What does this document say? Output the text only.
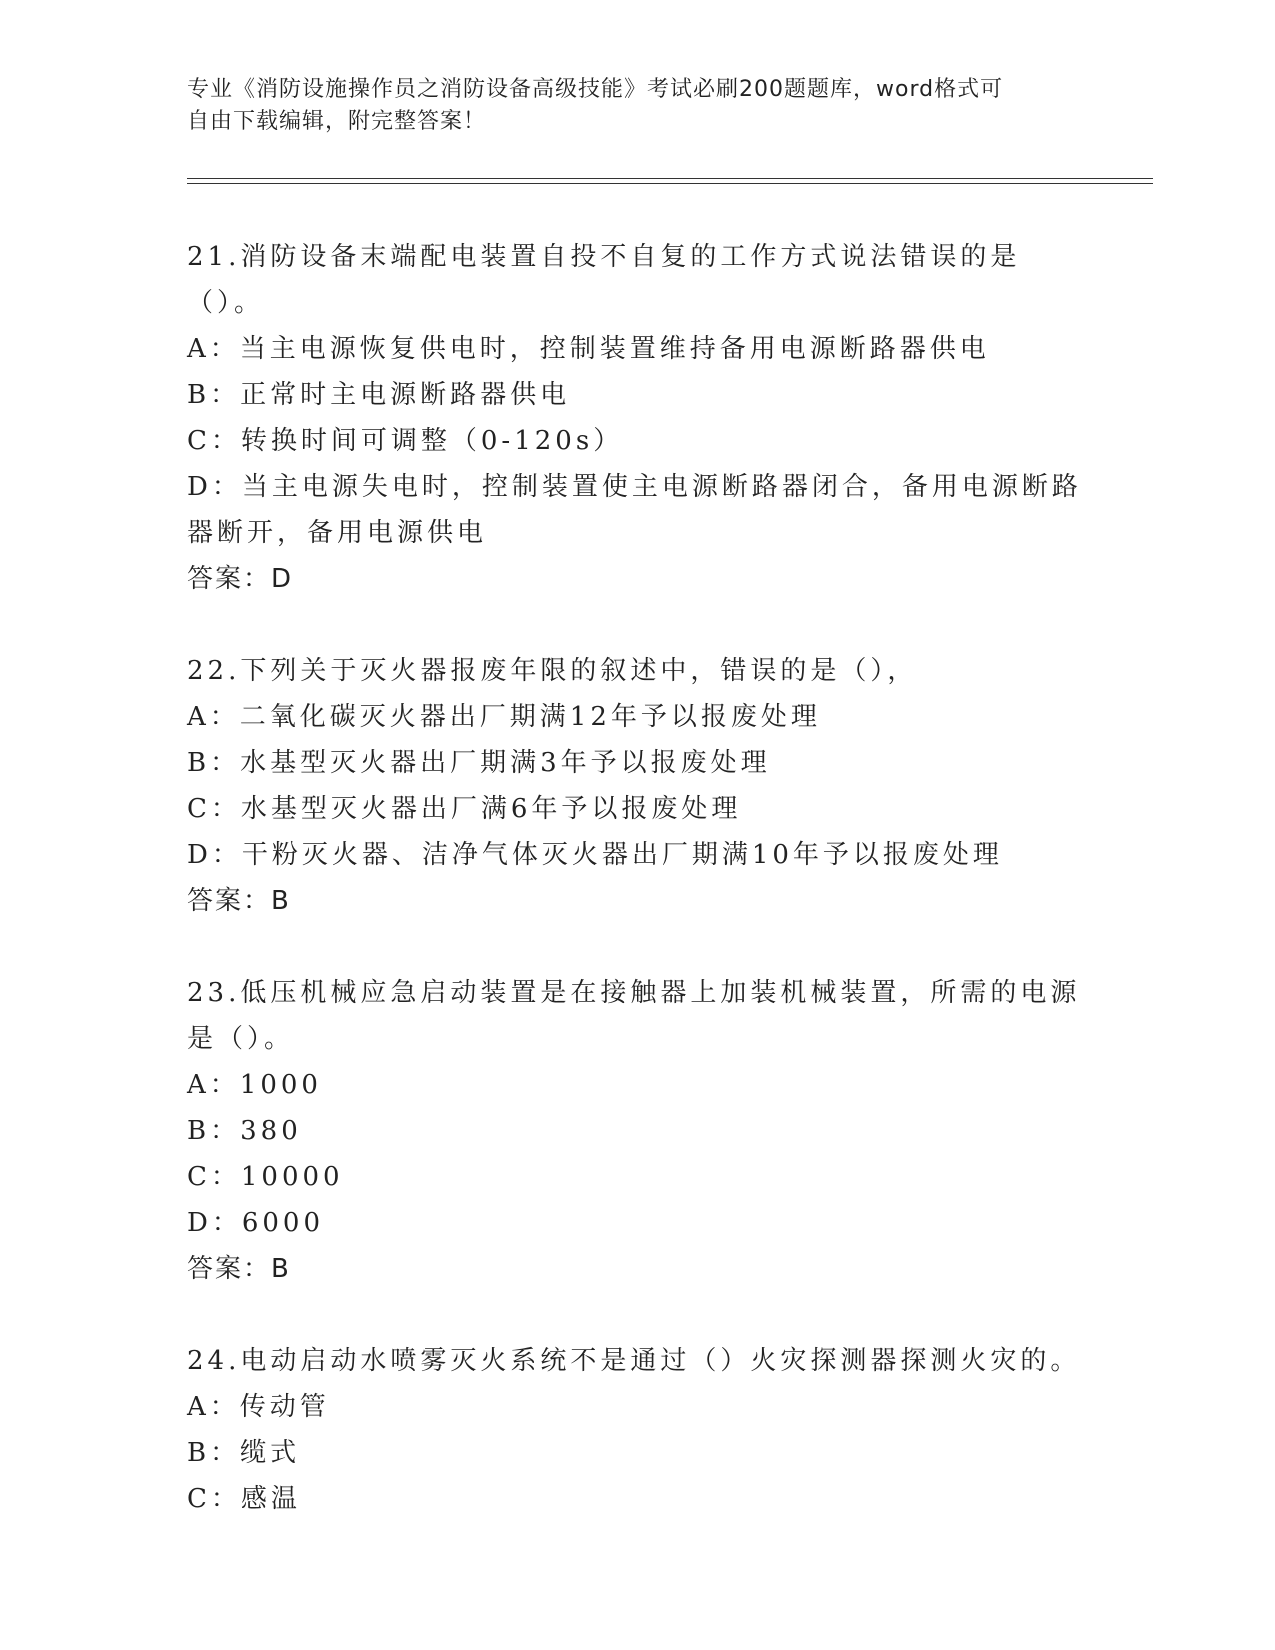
专业《消防设施操作员之消防设备高级技能》考试必刷200题题库，word格式可
自由下载编辑，附完整答案！
21.消防设备末端配电装置自投不自复的工作方式说法错误的是（）。
A：当主电源恢复供电时，控制装置维持备用电源断路器供电
B：正常时主电源断路器供电
C：转换时间可调整（0-120s）
D：当主电源失电时，控制装置使主电源断路器闭合，备用电源断路器断开，备用电源供电
答案：D
22.下列关于灭火器报废年限的叙述中，错误的是（），
A：二氧化碳灭火器出厂期满12年予以报废处理
B：水基型灭火器出厂期满3年予以报废处理
C：水基型灭火器出厂满6年予以报废处理
D：干粉灭火器、洁净气体灭火器出厂期满10年予以报废处理
答案：B
23.低压机械应急启动装置是在接触器上加装机械装置，所需的电源是（）。
A：1000
B：380
C：10000
D：6000
答案：B
24.电动启动水喷雾灭火系统不是通过（）火灾探测器探测火灾的。
A：传动管
B：缆式
C：感温
